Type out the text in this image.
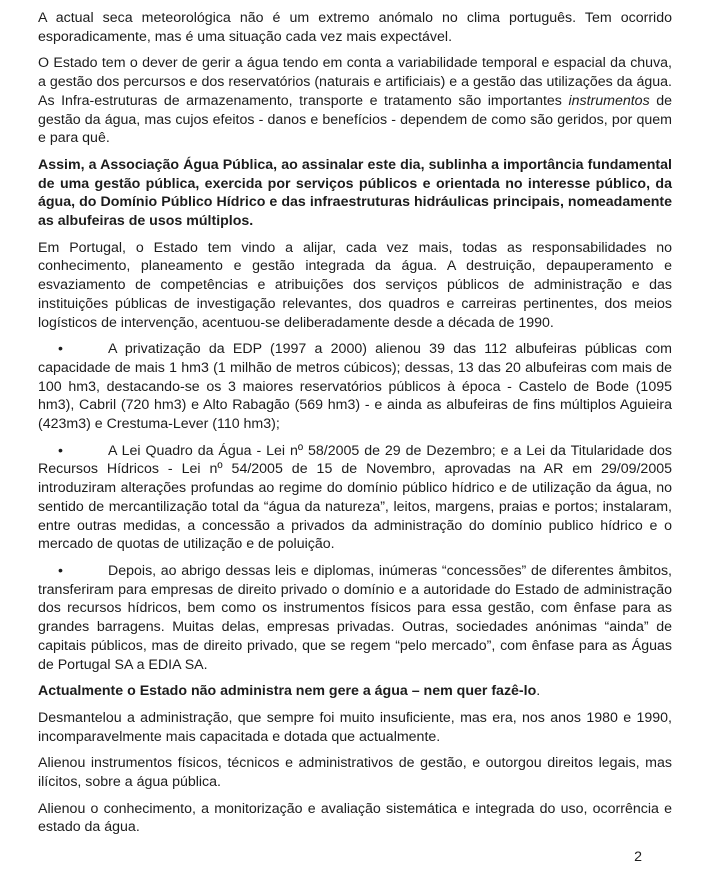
A actual seca meteorológica não é um extremo anómalo no clima português. Tem ocorrido esporadicamente, mas é uma situação cada vez mais expectável.

O Estado tem o dever de gerir a água tendo em conta a variabilidade temporal e espacial da chuva, a gestão dos percursos e dos reservatórios (naturais e artificiais) e a gestão das utilizações da água. As Infra-estruturas de armazenamento, transporte e tratamento são importantes instrumentos de gestão da água, mas cujos efeitos - danos e benefícios - dependem de como são geridos, por quem e para quê.

Assim, a Associação Água Pública, ao assinalar este dia, sublinha a importância fundamental de uma gestão pública, exercida por serviços públicos e orientada no interesse público, da água, do Domínio Público Hídrico e das infraestruturas hidráulicas principais, nomeadamente as albufeiras de usos múltiplos.

Em Portugal, o Estado tem vindo a alijar, cada vez mais, todas as responsabilidades no conhecimento, planeamento e gestão integrada da água. A destruição, depauperamento e esvaziamento de competências e atribuições dos serviços públicos de administração e das instituições públicas de investigação relevantes, dos quadros e carreiras pertinentes, dos meios logísticos de intervenção, acentuou-se deliberadamente desde a década de 1990.

•	A privatização da EDP (1997 a 2000) alienou 39 das 112 albufeiras públicas com capacidade de mais 1 hm3 (1 milhão de metros cúbicos); dessas, 13 das 20 albufeiras com mais de 100 hm3, destacando-se os 3 maiores reservatórios públicos à época - Castelo de Bode (1095 hm3), Cabril (720 hm3) e Alto Rabagão (569 hm3) - e ainda as albufeiras de fins múltiplos Aguieira (423m3) e Crestuma-Lever (110 hm3);

•	A Lei Quadro da Água - Lei nº 58/2005 de 29 de Dezembro; e a Lei da Titularidade dos Recursos Hídricos - Lei nº 54/2005 de 15 de Novembro, aprovadas na AR em 29/09/2005 introduziram alterações profundas ao regime do domínio público hídrico e de utilização da água, no sentido de mercantilização total da “água da natureza”, leitos, margens, praias e portos; instalaram, entre outras medidas, a concessão a privados da administração do domínio publico hídrico e o mercado de quotas de utilização e de poluição.

•	Depois, ao abrigo dessas leis e diplomas, inúmeras “concessões” de diferentes âmbitos, transferiram para empresas de direito privado o domínio e a autoridade do Estado de administração dos recursos hídricos, bem como os instrumentos físicos para essa gestão, com ênfase para as grandes barragens. Muitas delas, empresas privadas. Outras, sociedades anónimas “ainda” de capitais públicos, mas de direito privado, que se regem “pelo mercado”, com ênfase para as Águas de Portugal SA a EDIA SA.

Actualmente o Estado não administra nem gere a água – nem quer fazê-lo.

Desmantelou a administração, que sempre foi muito insuficiente, mas era, nos anos 1980 e 1990, incomparavelmente mais capacitada e dotada que actualmente.

Alienou instrumentos físicos, técnicos e administrativos de gestão, e outorgou direitos legais, mas ilícitos, sobre a água pública.

Alienou o conhecimento, a monitorização e avaliação sistemática e integrada do uso, ocorrência e estado da água.

2
